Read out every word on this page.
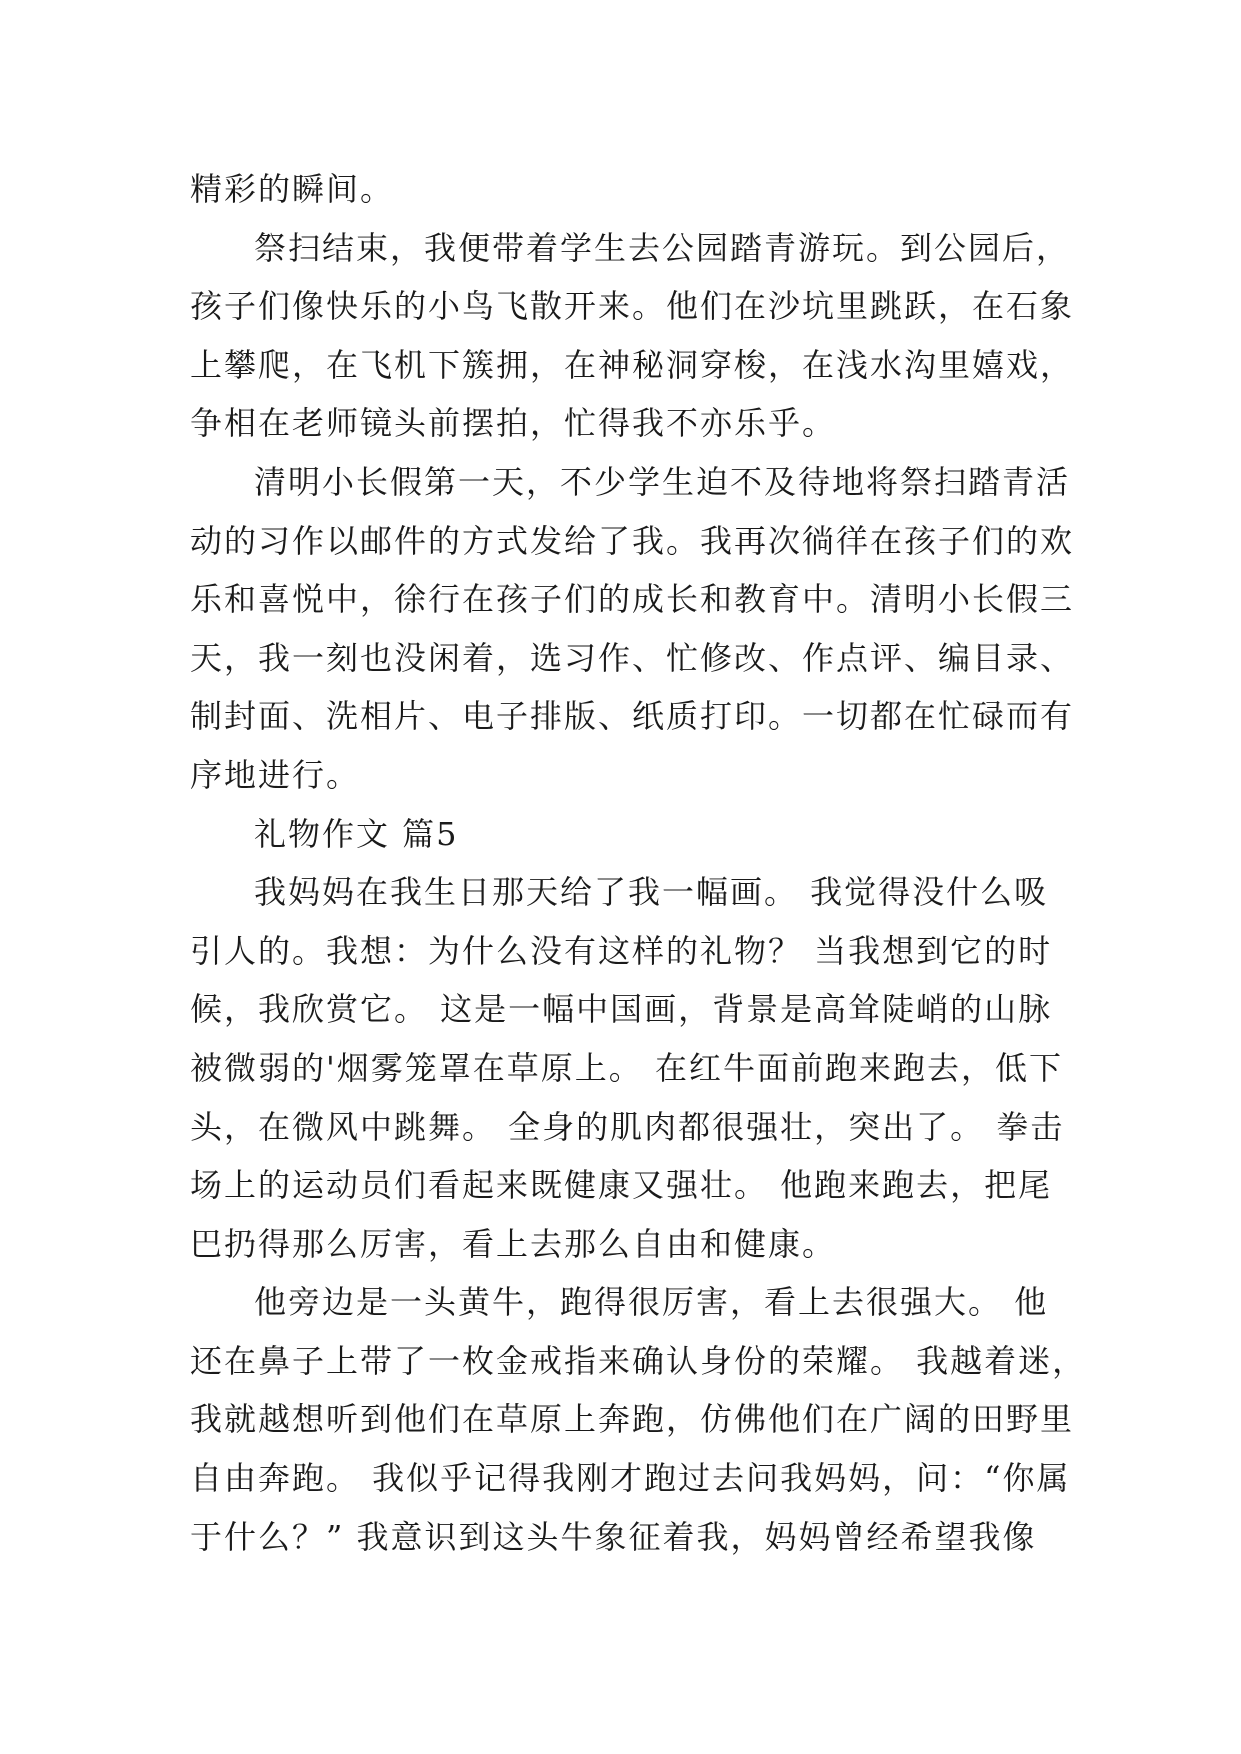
精彩的瞬间。
祭扫结束，我便带着学生去公园踏青游玩。到公园后，
孩子们像快乐的小鸟飞散开来。他们在沙坑里跳跃，在石象
上攀爬，在飞机下簇拥，在神秘洞穿梭，在浅水沟里嬉戏，
争相在老师镜头前摆拍，忙得我不亦乐乎。
清明小长假第一天，不少学生迫不及待地将祭扫踏青活
动的习作以邮件的方式发给了我。我再次徜徉在孩子们的欢
乐和喜悦中，徐行在孩子们的成长和教育中。清明小长假三
天，我一刻也没闲着，选习作、忙修改、作点评、编目录、
制封面、洗相片、电子排版、纸质打印。一切都在忙碌而有
序地进行。
礼物作文 篇5
我妈妈在我生日那天给了我一幅画。 我觉得没什么吸
引人的。我想：为什么没有这样的礼物？ 当我想到它的时
候，我欣赏它。 这是一幅中国画，背景是高耸陡峭的山脉
被微弱的'烟雾笼罩在草原上。 在红牛面前跑来跑去，低下
头，在微风中跳舞。 全身的肌肉都很强壮，突出了。 拳击
场上的运动员们看起来既健康又强壮。 他跑来跑去，把尾
巴扔得那么厉害，看上去那么自由和健康。
他旁边是一头黄牛，跑得很厉害，看上去很强大。 他
还在鼻子上带了一枚金戒指来确认身份的荣耀。 我越着迷，
我就越想听到他们在草原上奔跑，仿佛他们在广阔的田野里
自由奔跑。 我似乎记得我刚才跑过去问我妈妈，问：“你属
于什么？” 我意识到这头牛象征着我，妈妈曾经希望我像
